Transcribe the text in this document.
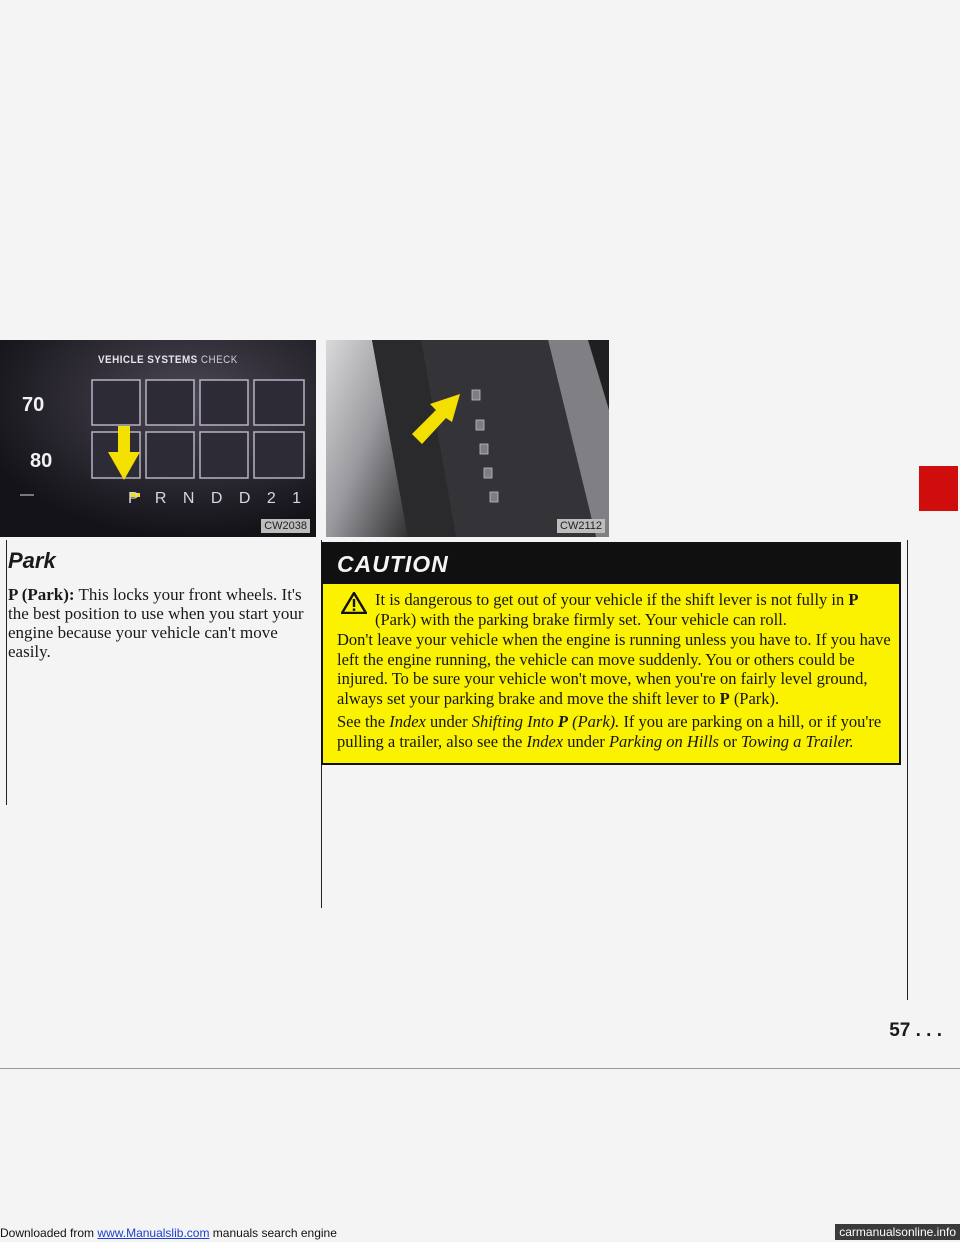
VEHICLE SYSTEMS CHECK
70
80
P R N D D 2 1
CW2038	CW2112
Park

P (Park): This locks your front wheels. It's the best position to use when you start your engine because your vehicle can't move easily.

CAUTION

It is dangerous to get out of your vehicle if the shift lever is not fully in P (Park) with the parking brake firmly set. Your vehicle can roll.

Don't leave your vehicle when the engine is running unless you have to. If you have left the engine running, the vehicle can move suddenly. You or others could be injured. To be sure your vehicle won't move, when you're on fairly level ground, always set your parking brake and move the shift lever to P (Park).

See the Index under Shifting Into P (Park). If you are parking on a hill, or if you're pulling a trailer, also see the Index under Parking on Hills or Towing a Trailer.

57 . . .
Downloaded from www.Manualslib.com manuals search engine	carmanualsonline.info
